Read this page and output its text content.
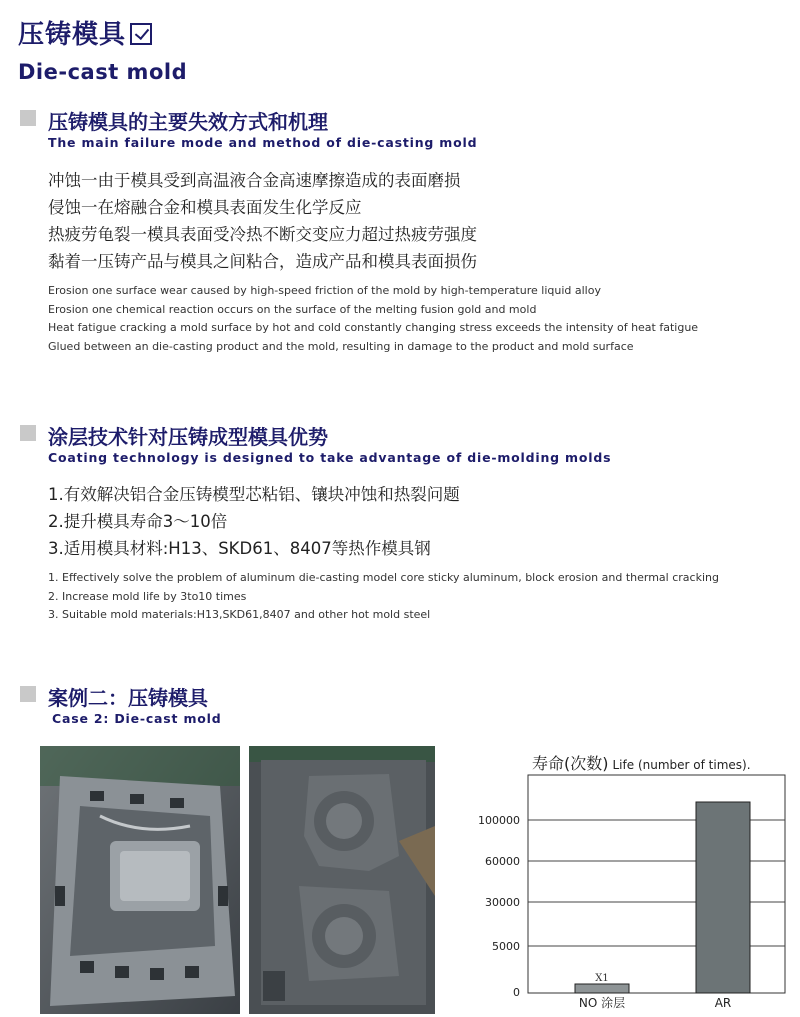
压铸模具
Die-cast mold
压铸模具的主要失效方式和机理
The main failure mode and method of die-casting mold
冲蚀一由于模具受到高温液合金高速摩擦造成的表面磨损
侵蚀一在熔融合金和模具表面发生化学反应
热疲劳龟裂一模具表面受冷热不断交变应力超过热疲劳强度
黏着一压铸产品与模具之间粘合，造成产品和模具表面损伤
Erosion one surface wear caused by high-speed friction of the mold by high-temperature liquid alloy
Erosion one chemical reaction occurs on the surface of the melting fusion gold and mold
Heat fatigue cracking a mold surface by hot and cold constantly changing stress exceeds the intensity of heat fatigue
Glued between an die-casting product and the mold, resulting in damage to the product and mold surface
涂层技术针对压铸成型模具优势
Coating technology is designed to take advantage of die-molding molds
1.有效解决铝合金压铸模型芯粘铝、镶块冲蚀和热裂问题
2.提升模具寿命3～10倍
3.适用模具材料:H13、SKD61、8407等热作模具钢
1. Effectively solve the problem of aluminum die-casting model core sticky aluminum, block erosion and thermal cracking
2. Increase mold life by 3to10 times
3. Suitable mold materials:H13,SKD61,8407 and other hot mold steel
案例二：压铸模具
Case 2: Die-cast mold
寿命(次数) Life (number of times).
0
5000
30000
60000
100000
NO 涂层
X1
AR
